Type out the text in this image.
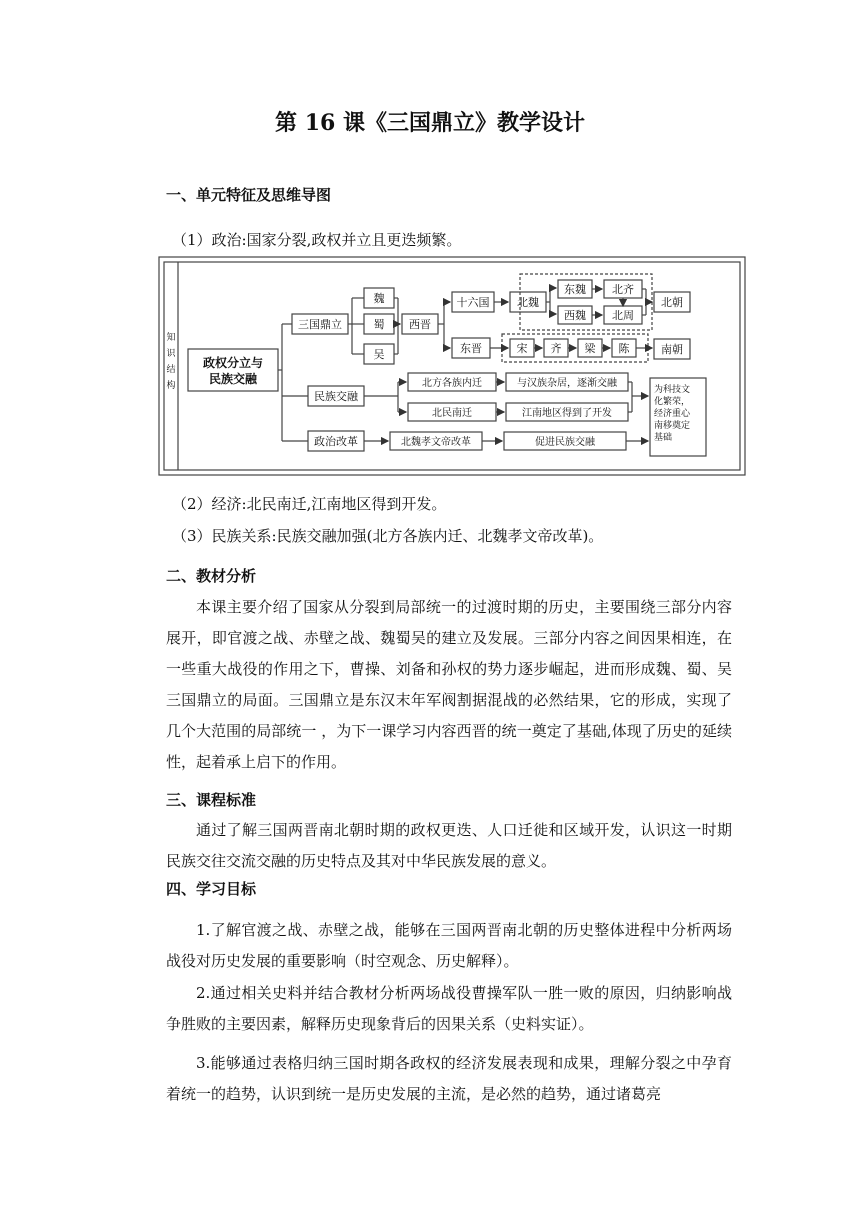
第 16 课《三国鼎立》教学设计
一、单元特征及思维导图
（1）政治:国家分裂,政权并立且更迭频繁。
知
识
结
构
政权分立与
民族交融
三国鼎立
魏
蜀
吴
西晋
十六国	北魏
东魏
西魏
北齐
北周
北朝
东晋	宋 齐 梁 陈	南朝
民族交融
北方各族内迁
北民南迁
与汉族杂居，逐渐交融
江南地区得到了开发
政治改革	北魏孝文帝改革	促进民族交融
为科技文
化繁荣，
经济重心
南移奠定
基础
（2）经济:北民南迁,江南地区得到开发。
（3）民族关系:民族交融加强(北方各族内迁、北魏孝文帝改革)。
二、教材分析
本课主要介绍了国家从分裂到局部统一的过渡时期的历史，主要围绕三部分内容展开，即官渡之战、赤壁之战、魏蜀吴的建立及发展。三部分内容之间因果相连，在一些重大战役的作用之下，曹操、刘备和孙权的势力逐步崛起，进而形成魏、蜀、吴三国鼎立的局面。三国鼎立是东汉末年军阀割据混战的必然结果，它的形成，实现了几个大范围的局部统一 ，为下一课学习内容西晋的统一奠定了基础,体现了历史的延续性，起着承上启下的作用。
三、课程标准
通过了解三国两晋南北朝时期的政权更迭、人口迁徙和区域开发，认识这一时期民族交往交流交融的历史特点及其对中华民族发展的意义。
四、学习目标
1.了解官渡之战、赤壁之战，能够在三国两晋南北朝的历史整体进程中分析两场战役对历史发展的重要影响（时空观念、历史解释）。
2.通过相关史料并结合教材分析两场战役曹操军队一胜一败的原因，归纳影响战争胜败的主要因素，解释历史现象背后的因果关系（史料实证）。
3.能够通过表格归纳三国时期各政权的经济发展表现和成果，理解分裂之中孕育着统一的趋势，认识到统一是历史发展的主流，是必然的趋势，通过诸葛亮
